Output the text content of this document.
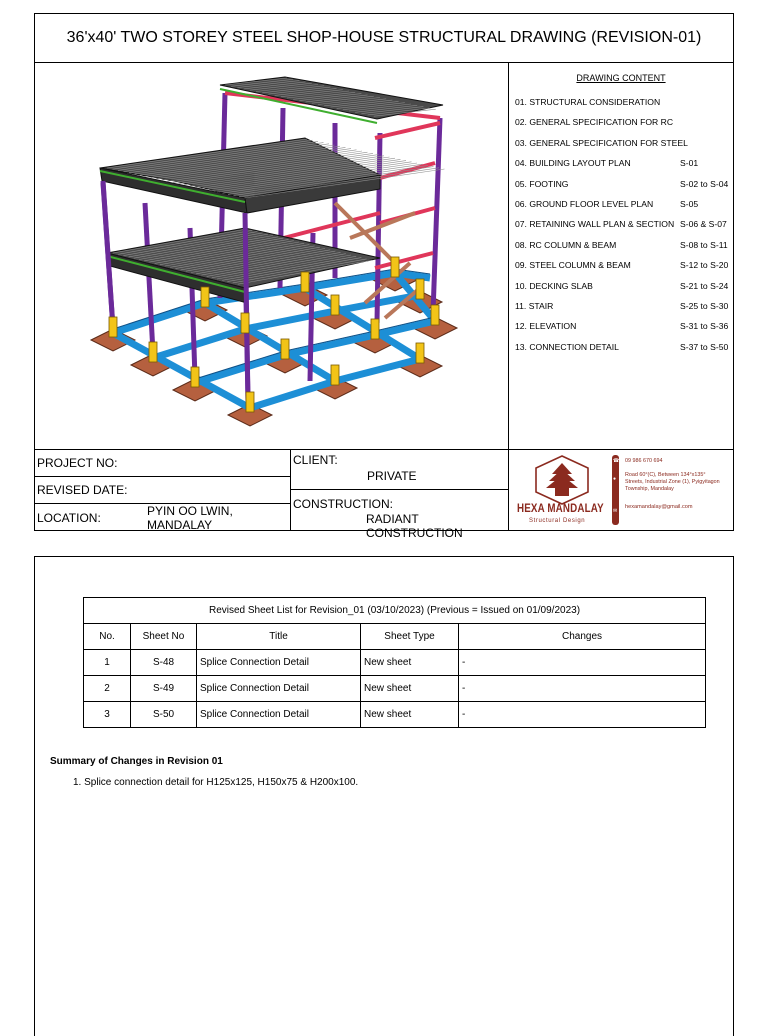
36'x40' TWO STOREY STEEL SHOP-HOUSE STRUCTURAL DRAWING (REVISION-01)
DRAWING CONTENT
01. STRUCTURAL CONSIDERATION
02. GENERAL SPECIFICATION FOR RC
03. GENERAL SPECIFICATION FOR STEEL
04. BUILDING LAYOUT PLAN	S-01
05. FOOTING	S-02 to S-04
06. GROUND FLOOR LEVEL PLAN	S-05
07. RETAINING WALL PLAN & SECTION S-06 & S-07
08. RC COLUMN & BEAM	S-08 to S-11
09. STEEL COLUMN & BEAM	S-12 to S-20
10. DECKING SLAB	S-21 to S-24
11. STAIR	S-25 to S-30
12. ELEVATION	S-31 to S-36
13. CONNECTION DETAIL	S-37 to S-50
PROJECT NO:
REVISED DATE:
LOCATION:	PYIN OO LWIN, MANDALAY
CLIENT:
PRIVATE
CONSTRUCTION:
RADIANT CONSTRUCTION
HEXA MANDALAY
Structural Design
☎
●
✉
09 986 670 694
Road 60°(C), Between 134°x135°
Streets, Industrial Zone (1), Pyigyitagon
Township, Mandalay
hexamandalay@gmail.com
Revised Sheet List for Revision_01 (03/10/2023) (Previous = Issued on 01/09/2023)				
No.	Sheet No	Title	Sheet Type	Changes
1	S-48	Splice Connection Detail	New sheet	-
2	S-49	Splice Connection Detail	New sheet	-
3	S-50	Splice Connection Detail	New sheet	-
Summary of Changes in Revision 01
1. Splice connection detail for H125x125, H150x75 & H200x100.
